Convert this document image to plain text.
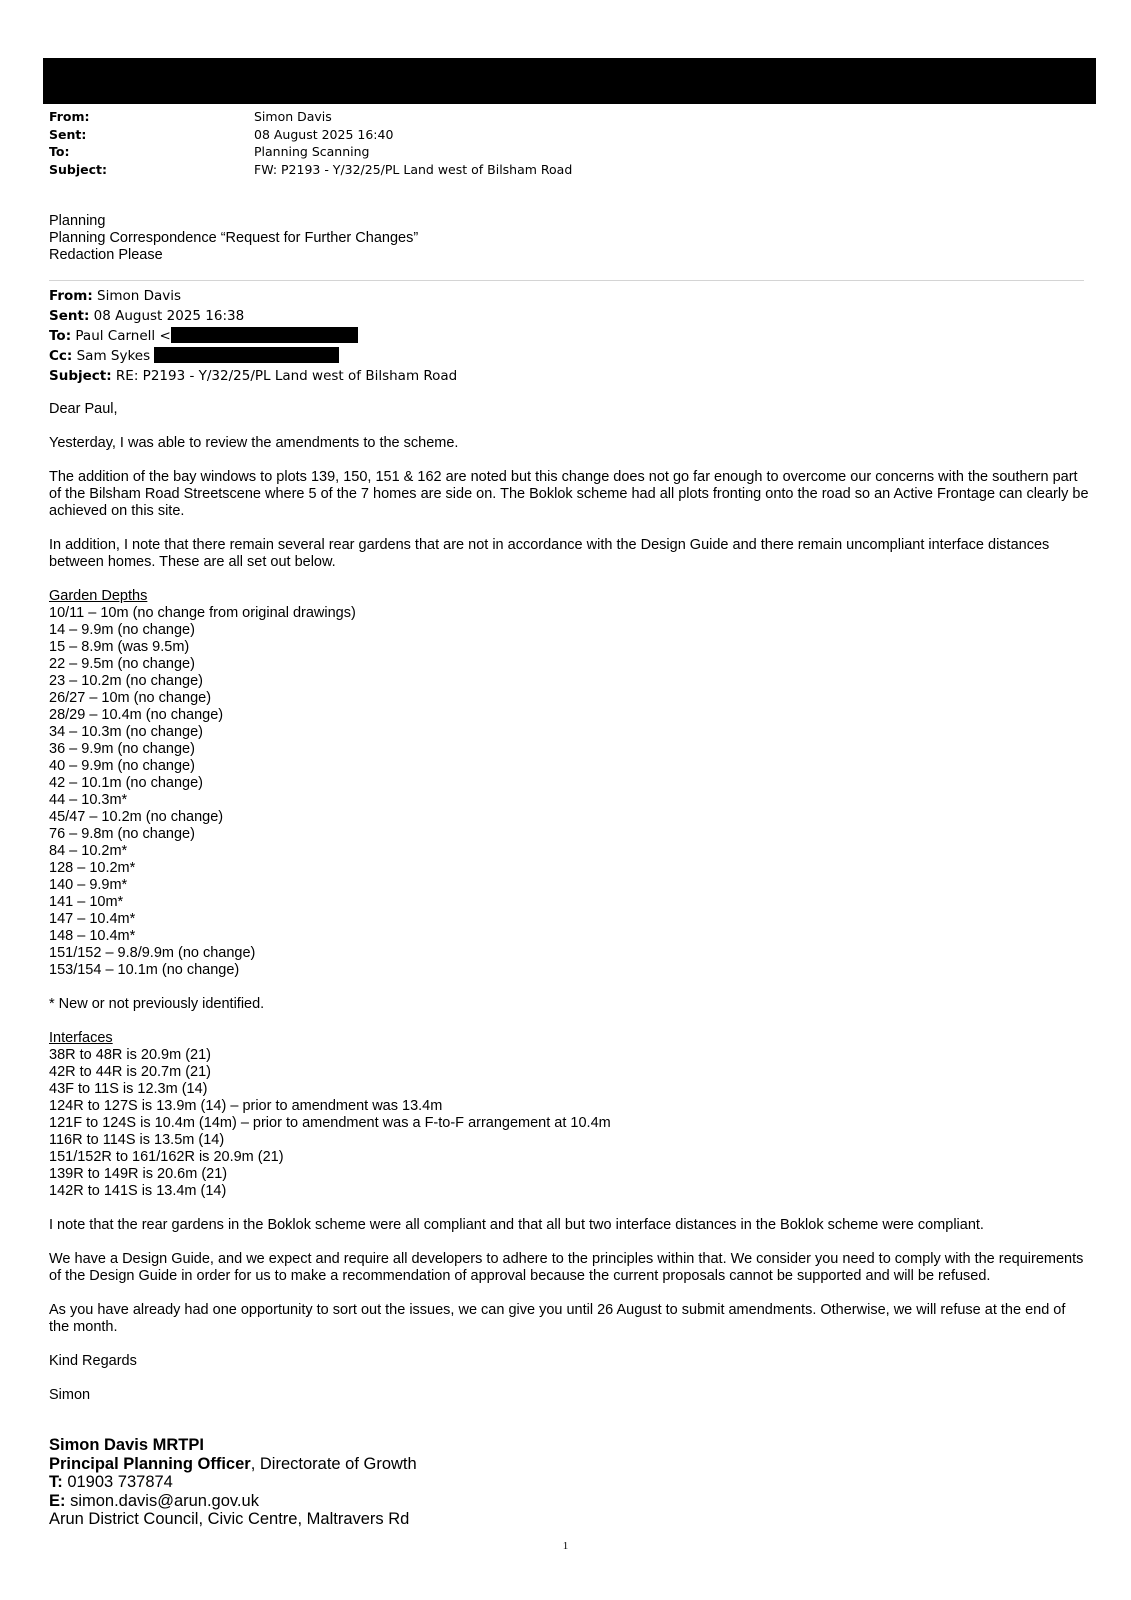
From:	Simon Davis
Sent:	08 August 2025 16:40
To:	Planning Scanning
Subject:	FW: P2193 - Y/32/25/PL Land west of Bilsham Road
Planning
Planning Correspondence “Request for Further Changes”
Redaction Please
From: Simon Davis
Sent: 08 August 2025 16:38
To: Paul Carnell <
Cc: Sam Sykes
Subject: RE: P2193 - Y/32/25/PL Land west of Bilsham Road

Dear Paul,

Yesterday, I was able to review the amendments to the scheme.

The addition of the bay windows to plots 139, 150, 151 & 162 are noted but this change does not go far enough to overcome our concerns with the southern part of the Bilsham Road Streetscene where 5 of the 7 homes are side on. The Boklok scheme had all plots fronting onto the road so an Active Frontage can clearly be achieved on this site.

In addition, I note that there remain several rear gardens that are not in accordance with the Design Guide and there remain uncompliant interface distances between homes. These are all set out below.

Garden Depths
10/11 – 10m (no change from original drawings)
14 – 9.9m (no change)
15 – 8.9m (was 9.5m)
22 – 9.5m (no change)
23 – 10.2m (no change)
26/27 – 10m (no change)
28/29 – 10.4m (no change)
34 – 10.3m (no change)
36 – 9.9m (no change)
40 – 9.9m (no change)
42 – 10.1m (no change)
44 – 10.3m*
45/47 – 10.2m (no change)
76 – 9.8m (no change)
84 – 10.2m*
128 – 10.2m*
140 – 9.9m*
141 – 10m*
147 – 10.4m*
148 – 10.4m*
151/152 – 9.8/9.9m (no change)
153/154 – 10.1m (no change)

* New or not previously identified.

Interfaces
38R to 48R is 20.9m (21)
42R to 44R is 20.7m (21)
43F to 11S is 12.3m (14)
124R to 127S is 13.9m (14) – prior to amendment was 13.4m
121F to 124S is 10.4m (14m) – prior to amendment was a F-to-F arrangement at 10.4m
116R to 114S is 13.5m (14)
151/152R to 161/162R is 20.9m (21)
139R to 149R is 20.6m (21)
142R to 141S is 13.4m (14)

I note that the rear gardens in the Boklok scheme were all compliant and that all but two interface distances in the Boklok scheme were compliant.

We have a Design Guide, and we expect and require all developers to adhere to the principles within that. We consider you need to comply with the requirements of the Design Guide in order for us to make a recommendation of approval because the current proposals cannot be supported and will be refused.

As you have already had one opportunity to sort out the issues, we can give you until 26 August to submit amendments. Otherwise, we will refuse at the end of the month.

Kind Regards

Simon

Simon Davis MRTPI
Principal Planning Officer, Directorate of Growth
T: 01903 737874
E: simon.davis@arun.gov.uk
Arun District Council, Civic Centre, Maltravers Rd
1
